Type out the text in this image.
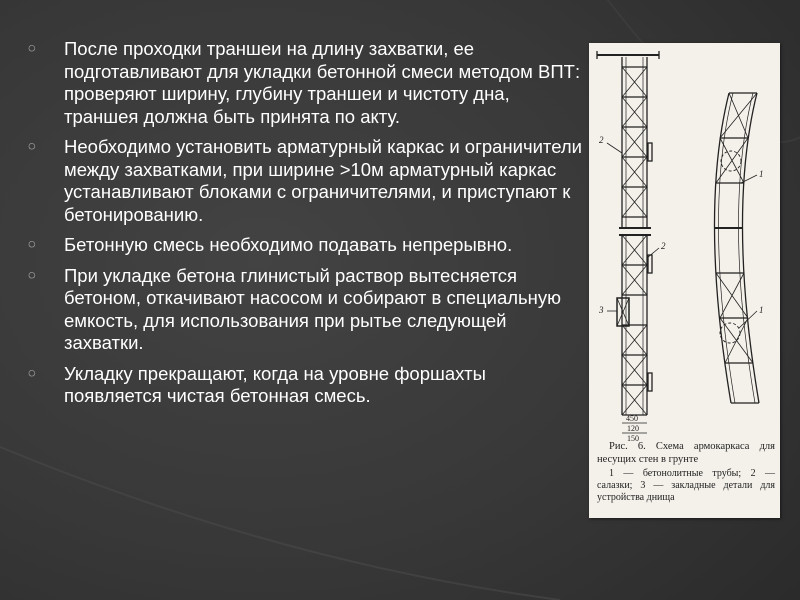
◌	После проходки траншеи на длину захватки, ее подготавливают для укладки бетонной смеси методом ВПТ: проверяют ширину, глубину траншеи и чистоту дна, траншея должна быть принята по акту.
◌	Необходимо установить арматурный каркас и ограничители между захватками, при ширине >10м арматурный каркас устанавливают блоками с ограничителями, и приступают к бетонированию.
◌	Бетонную смесь необходимо подавать непрерывно.
◌	При укладке бетона глинистый раствор вытесняется бетоном, откачивают насосом и собирают в специальную емкость, для использования при рытье следующей захватки.
◌	Укладку прекращают, когда на уровне форшахты появляется чистая бетонная смесь.
2
2
3
1
1
450
120
150
Рис. 6. Схема армокаркаса для несущих стен в грунте
1 — бетонолитные трубы; 2 — салазки; 3 — закладные детали для устройства днища
